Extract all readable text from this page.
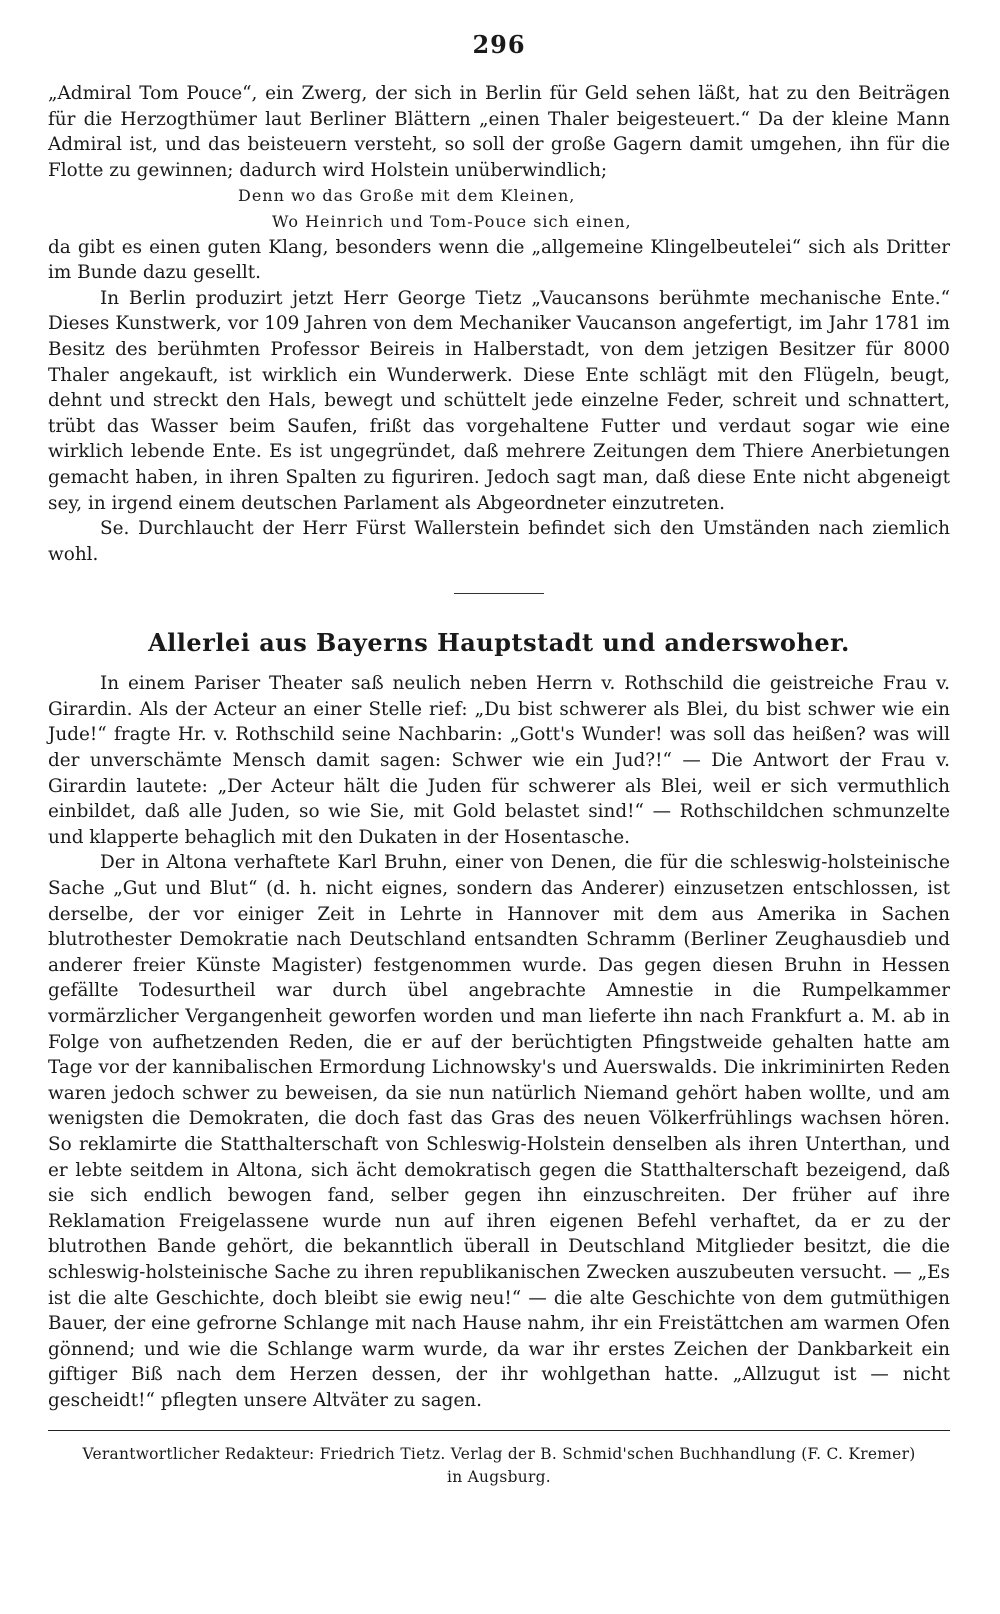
296

„Admiral Tom Pouce“, ein Zwerg, der sich in Berlin für Geld sehen läßt, hat zu den Beiträgen für die Herzogthümer laut Berliner Blättern „einen Thaler beigesteuert.“ Da der kleine Mann Admiral ist, und das beisteuern versteht, so soll der große Gagern damit umgehen, ihn für die Flotte zu gewinnen; dadurch wird Holstein unüberwindlich;

Denn wo das Große mit dem Kleinen,

Wo Heinrich und Tom-Pouce sich einen,

da gibt es einen guten Klang, besonders wenn die „allgemeine Klingelbeutelei“ sich als Dritter im Bunde dazu gesellt.

In Berlin produzirt jetzt Herr George Tietz „Vaucansons berühmte mechanische Ente.“ Dieses Kunstwerk, vor 109 Jahren von dem Mechaniker Vaucanson angefertigt, im Jahr 1781 im Besitz des berühmten Professor Beireis in Halberstadt, von dem jetzigen Besitzer für 8000 Thaler angekauft, ist wirklich ein Wunderwerk. Diese Ente schlägt mit den Flügeln, beugt, dehnt und streckt den Hals, bewegt und schüttelt jede einzelne Feder, schreit und schnattert, trübt das Wasser beim Saufen, frißt das vorgehaltene Futter und verdaut sogar wie eine wirklich lebende Ente. Es ist ungegründet, daß mehrere Zeitungen dem Thiere Anerbietungen gemacht haben, in ihren Spalten zu figuriren. Jedoch sagt man, daß diese Ente nicht abgeneigt sey, in irgend einem deutschen Parlament als Abgeordneter einzutreten.

Se. Durchlaucht der Herr Fürst Wallerstein befindet sich den Umständen nach ziemlich wohl.

Allerlei aus Bayerns Hauptstadt und anderswoher.

In einem Pariser Theater saß neulich neben Herrn v. Rothschild die geistreiche Frau v. Girardin. Als der Acteur an einer Stelle rief: „Du bist schwerer als Blei, du bist schwer wie ein Jude!“ fragte Hr. v. Rothschild seine Nachbarin: „Gott's Wunder! was soll das heißen? was will der unverschämte Mensch damit sagen: Schwer wie ein Jud?!“ — Die Antwort der Frau v. Girardin lautete: „Der Acteur hält die Juden für schwerer als Blei, weil er sich vermuthlich einbildet, daß alle Juden, so wie Sie, mit Gold belastet sind!“ — Rothschildchen schmunzelte und klapperte behaglich mit den Dukaten in der Hosentasche.

Der in Altona verhaftete Karl Bruhn, einer von Denen, die für die schleswig-holsteinische Sache „Gut und Blut“ (d. h. nicht eignes, sondern das Anderer) einzusetzen entschlossen, ist derselbe, der vor einiger Zeit in Lehrte in Hannover mit dem aus Amerika in Sachen blutrothester Demokratie nach Deutschland entsandten Schramm (Berliner Zeughausdieb und anderer freier Künste Magister) festgenommen wurde. Das gegen diesen Bruhn in Hessen gefällte Todesurtheil war durch übel angebrachte Amnestie in die Rumpelkammer vormärzlicher Vergangenheit geworfen worden und man lieferte ihn nach Frankfurt a. M. ab in Folge von aufhetzenden Reden, die er auf der berüchtigten Pfingstweide gehalten hatte am Tage vor der kannibalischen Ermordung Lichnowsky's und Auerswalds. Die inkriminirten Reden waren jedoch schwer zu beweisen, da sie nun natürlich Niemand gehört haben wollte, und am wenigsten die Demokraten, die doch fast das Gras des neuen Völkerfrühlings wachsen hören. So reklamirte die Statthalterschaft von Schleswig-Holstein denselben als ihren Unterthan, und er lebte seitdem in Altona, sich ächt demokratisch gegen die Statthalterschaft bezeigend, daß sie sich endlich bewogen fand, selber gegen ihn einzuschreiten. Der früher auf ihre Reklamation Freigelassene wurde nun auf ihren eigenen Befehl verhaftet, da er zu der blutrothen Bande gehört, die bekanntlich überall in Deutschland Mitglieder besitzt, die die schleswig-holsteinische Sache zu ihren republikanischen Zwecken auszubeuten versucht. — „Es ist die alte Geschichte, doch bleibt sie ewig neu!“ — die alte Geschichte von dem gutmüthigen Bauer, der eine gefrorne Schlange mit nach Hause nahm, ihr ein Freistättchen am warmen Ofen gönnend; und wie die Schlange warm wurde, da war ihr erstes Zeichen der Dankbarkeit ein giftiger Biß nach dem Herzen dessen, der ihr wohlgethan hatte. „Allzugut ist — nicht gescheidt!“ pflegten unsere Altväter zu sagen.

Verantwortlicher Redakteur: Friedrich Tietz. Verlag der B. Schmid'schen Buchhandlung (F. C. Kremer)

in Augsburg.
